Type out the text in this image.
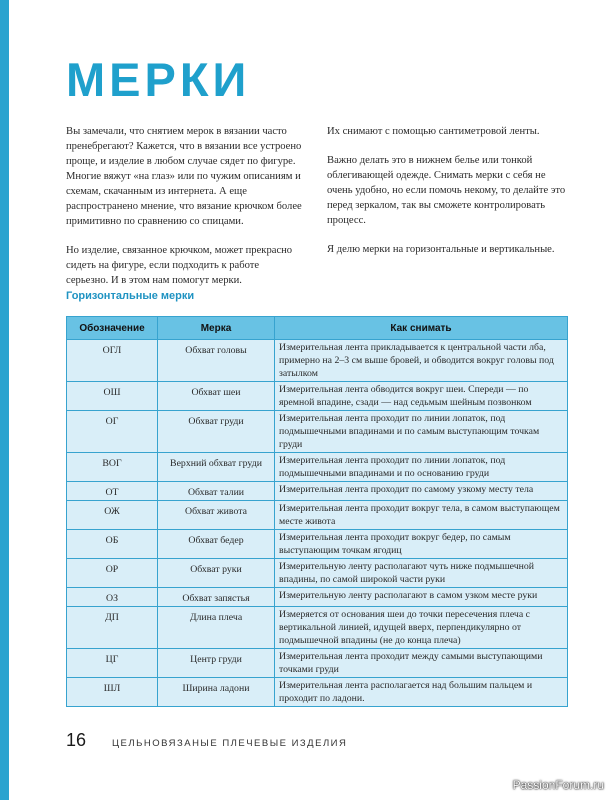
МЕРКИ

Вы замечали, что снятием мерок в вязании часто пренебрегают? Кажется, что в вязании все устроено проще, и изделие в любом случае сядет по фигуре. Многие вяжут «на глаз» или по чужим описаниям и схемам, скачанным из интернета. А еще распространено мнение, что вязание крючком более примитивно по сравнению со спицами.

Но изделие, связанное крючком, может прекрасно сидеть на фигуре, если подходить к работе серьезно. И в этом нам помогут мерки.

Их снимают с помощью сантиметровой ленты.

Важно делать это в нижнем белье или тонкой облегивающей одежде. Снимать мерки с себя не очень удобно, но если помочь некому, то делайте это перед зеркалом, так вы сможете контролировать процесс.

Я делю мерки на горизонтальные и вертикальные.

Горизонтальные мерки
Обозначение	Мерка	Как снимать
ОГЛ	Обхват головы	Измерительная лента прикладывается к центральной части лба, примерно на 2–3 см выше бровей, и обводится вокруг головы под затылком
ОШ	Обхват шеи	Измерительная лента обводится вокруг шеи. Спереди — по яремной впадине, сзади — над седьмым шейным позвонком
ОГ	Обхват груди	Измерительная лента проходит по линии лопаток, под подмышечными впадинами и по самым выступающим точкам груди
ВОГ	Верхний обхват груди	Измерительная лента проходит по линии лопаток, под подмышечными впадинами и по основанию груди
ОТ	Обхват талии	Измерительная лента проходит по самому узкому месту тела
ОЖ	Обхват живота	Измерительная лента проходит вокруг тела, в самом выступающем месте живота
ОБ	Обхват бедер	Измерительная лента проходит вокруг бедер, по самым выступающим точкам ягодиц
ОР	Обхват руки	Измерительную ленту располагают чуть ниже подмышечной впадины, по самой широкой части руки
ОЗ	Обхват запястья	Измерительную ленту располагают в самом узком месте руки
ДП	Длина плеча	Измеряется от основания шеи до точки пересечения плеча с вертикальной линией, идущей вверх, перпендикулярно от подмышечной впадины (не до конца плеча)
ЦГ	Центр груди	Измерительная лента проходит между самыми выступающими точками груди
ШЛ	Ширина ладони	Измерительная лента располагается над большим пальцем и проходит по ладони.
16	ЦЕЛЬНОВЯЗАНЫЕ ПЛЕЧЕВЫЕ ИЗДЕЛИЯ
PassionForum.ru
